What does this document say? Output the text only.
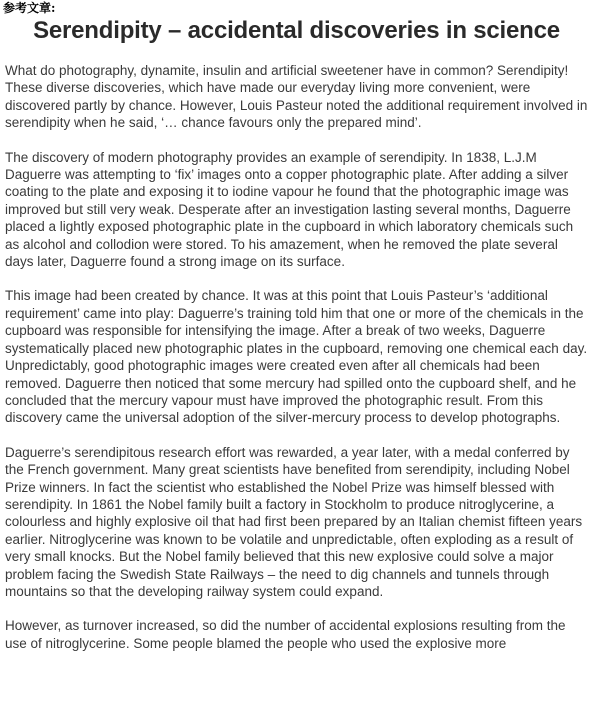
参考文章:
Serendipity – accidental discoveries in science

What do photography, dynamite, insulin and artificial sweetener have in common? Serendipity! These diverse discoveries, which have made our everyday living more convenient, were discovered partly by chance. However, Louis Pasteur noted the additional requirement involved in serendipity when he said, ‘… chance favours only the prepared mind’.

The discovery of modern photography provides an example of serendipity. In 1838, L.J.M Daguerre was attempting to ‘fix’ images onto a copper photographic plate. After adding a silver coating to the plate and exposing it to iodine vapour he found that the photographic image was improved but still very weak. Desperate after an investigation lasting several months, Daguerre placed a lightly exposed photographic plate in the cupboard in which laboratory chemicals such as alcohol and collodion were stored. To his amazement, when he removed the plate several days later, Daguerre found a strong image on its surface.

This image had been created by chance. It was at this point that Louis Pasteur’s ‘additional requirement’ came into play: Daguerre’s training told him that one or more of the chemicals in the cupboard was responsible for intensifying the image. After a break of two weeks, Daguerre systematically placed new photographic plates in the cupboard, removing one chemical each day. Unpredictably, good photographic images were created even after all chemicals had been removed. Daguerre then noticed that some mercury had spilled onto the cupboard shelf, and he concluded that the mercury vapour must have improved the photographic result. From this discovery came the universal adoption of the silver-mercury process to develop photographs.

Daguerre’s serendipitous research effort was rewarded, a year later, with a medal conferred by the French government. Many great scientists have benefited from serendipity, including Nobel Prize winners. In fact the scientist who established the Nobel Prize was himself blessed with serendipity. In 1861 the Nobel family built a factory in Stockholm to produce nitroglycerine, a colourless and highly explosive oil that had first been prepared by an Italian chemist fifteen years earlier. Nitroglycerine was known to be volatile and unpredictable, often exploding as a result of very small knocks. But the Nobel family believed that this new explosive could solve a major problem facing the Swedish State Railways – the need to dig channels and tunnels through mountains so that the developing railway system could expand.

However, as turnover increased, so did the number of accidental explosions resulting from the use of nitroglycerine. Some people blamed the people who used the explosive more
